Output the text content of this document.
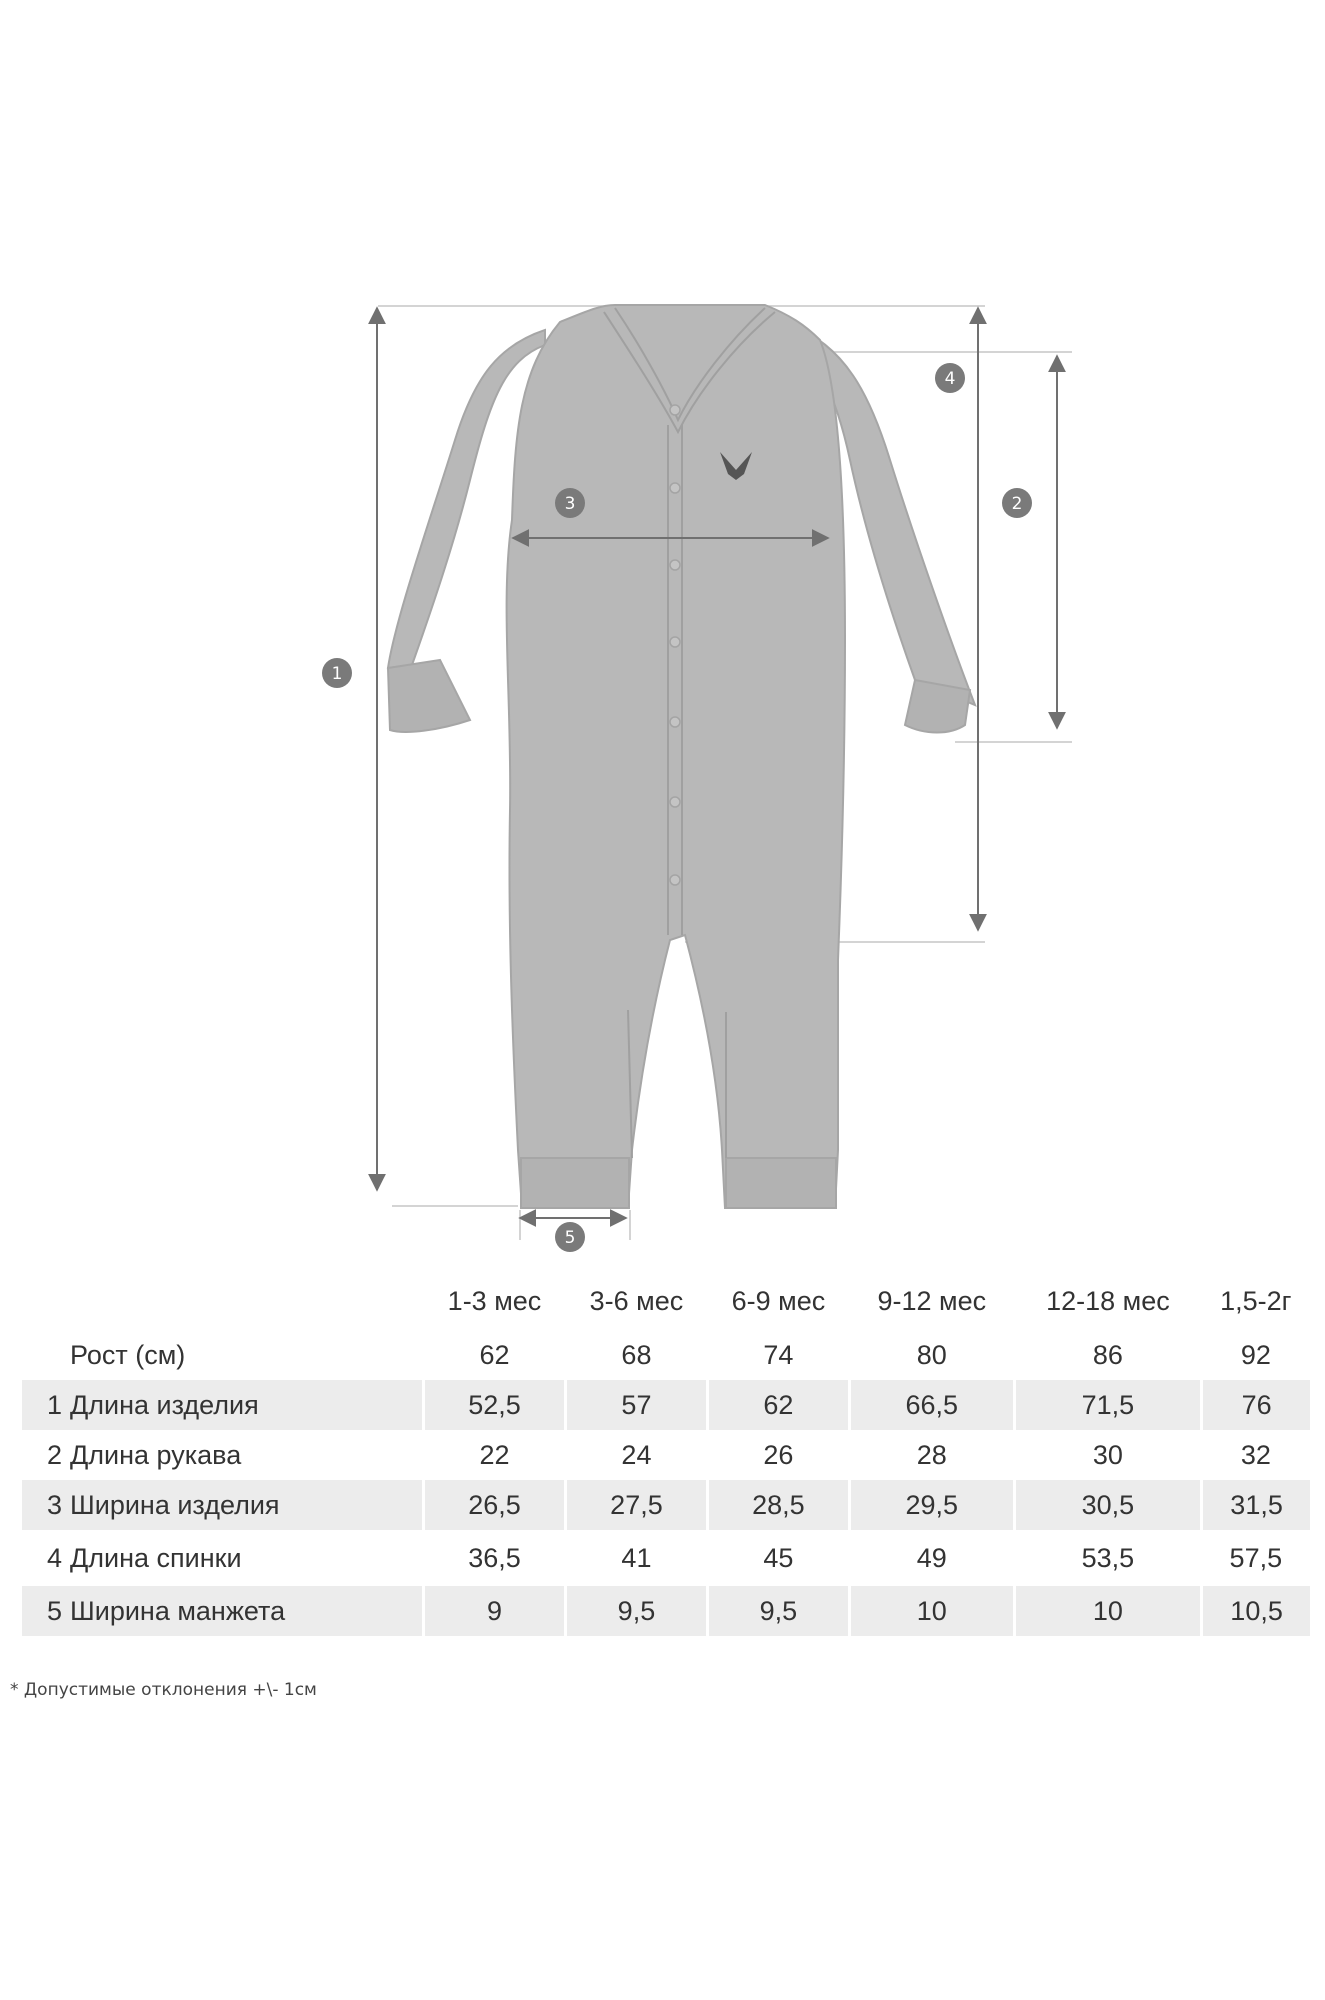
1
2
3
4
5
		1-3 мес	3-6 мес	6-9 мес	9-12 мес	12-18 мес	1,5-2г
	Рост (см)	62	68	74	80	86	92
1	Длина изделия	52,5	57	62	66,5	71,5	76
2	Длина рукава	22	24	26	28	30	32
3	Ширина изделия	26,5	27,5	28,5	29,5	30,5	31,5
4	Длина спинки	36,5	41	45	49	53,5	57,5
5	Ширина манжета	9	9,5	9,5	10	10	10,5
* Допустимые отклонения +\- 1см
